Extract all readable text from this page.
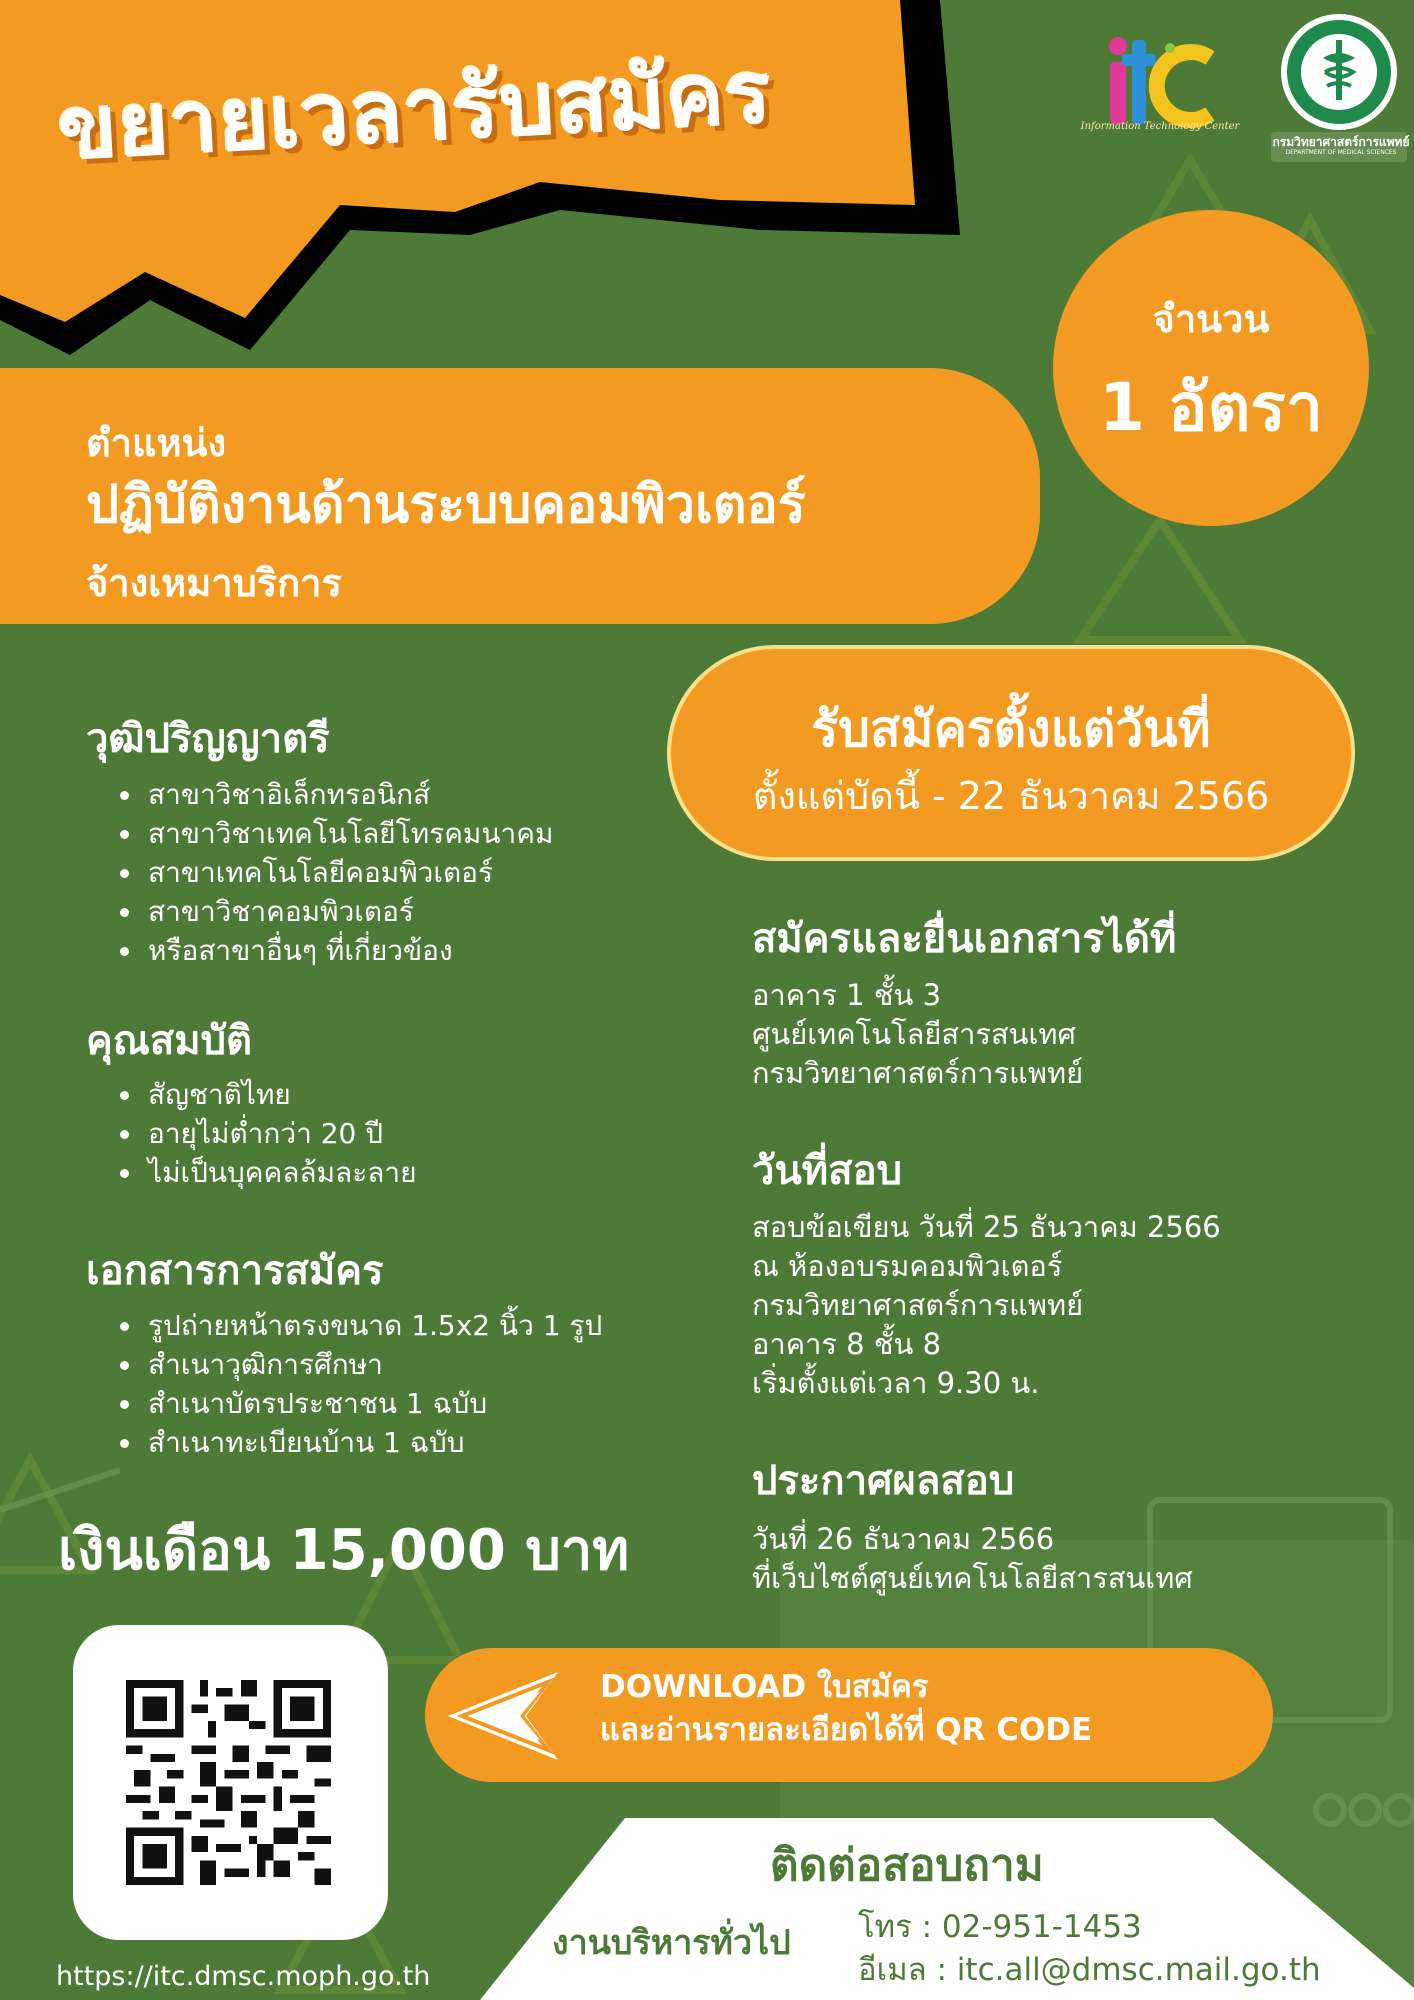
ขยายเวลารับสมัคร	Information Technology Center
กรมวิทยาศาสตร์การแพทย์
DEPARTMENT OF MEDICAL SCIENCES
ตำแหน่ง
ปฏิบัติงานด้านระบบคอมพิวเตอร์
จ้างเหมาบริการ
จำนวน
1 อัตรา
วุฒิปริญญาตรี
• สาขาวิชาอิเล็กทรอนิกส์
• สาขาวิชาเทคโนโลยีโทรคมนาคม
• สาขาเทคโนโลยีคอมพิวเตอร์
• สาขาวิชาคอมพิวเตอร์
• หรือสาขาอื่นๆ ที่เกี่ยวข้อง
คุณสมบัติ
• สัญชาติไทย
• อายุไม่ต่ำกว่า 20 ปี
• ไม่เป็นบุคคลล้มละลาย
เอกสารการสมัคร
• รูปถ่ายหน้าตรงขนาด 1.5x2 นิ้ว 1 รูป
• สำเนาวุฒิการศึกษา
• สำเนาบัตรประชาชน 1 ฉบับ
• สำเนาทะเบียนบ้าน 1 ฉบับ
เงินเดือน 15,000 บาท
รับสมัครตั้งแต่วันที่
ตั้งแต่บัดนี้ - 22 ธันวาคม 2566
สมัครและยื่นเอกสารได้ที่
อาคาร 1 ชั้น 3
ศูนย์เทคโนโลยีสารสนเทศ
กรมวิทยาศาสตร์การแพทย์
วันที่สอบ
สอบข้อเขียน วันที่ 25 ธันวาคม 2566
ณ ห้องอบรมคอมพิวเตอร์
กรมวิทยาศาสตร์การแพทย์
อาคาร 8 ชั้น 8
เริ่มตั้งแต่เวลา 9.30 น.
ประกาศผลสอบ
วันที่ 26 ธันวาคม 2566
ที่เว็บไซต์ศูนย์เทคโนโลยีสารสนเทศ
https://itc.dmsc.moph.go.th
DOWNLOAD ใบสมัคร
และอ่านรายละเอียดได้ที่ QR CODE
ติดต่อสอบถาม
งานบริหารทั่วไป โทร : 02-951-1453
อีเมล : itc.all@dmsc.mail.go.th
